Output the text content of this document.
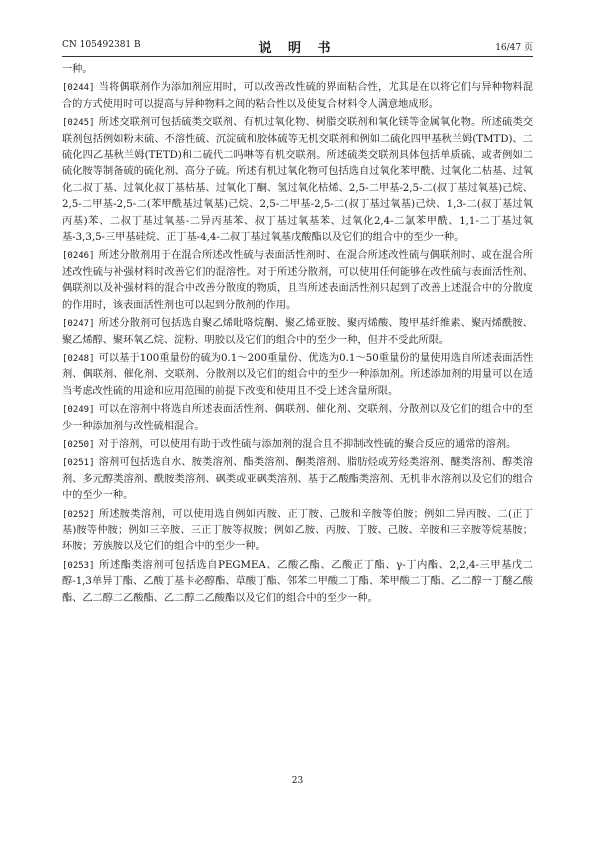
CN 105492381 B	说 明 书	16/47 页

一种。

[0244] 当将偶联剂作为添加剂应用时，可以改善改性硫的界面粘合性，尤其是在以将它们与异种物料混合的方式使用时可以提高与异种物料之间的粘合性以及使复合材料令人满意地成形。

[0245] 所述交联剂可包括硫类交联剂、有机过氧化物、树脂交联剂和氧化镁等金属氧化物。所述硫类交联剂包括例如粉末硫、不溶性硫、沉淀硫和胶体硫等无机交联剂和例如二硫化四甲基秋兰姆(TMTD)、二硫化四乙基秋兰姆(TETD)和二硫代二吗啉等有机交联剂。所述硫类交联剂具体包括单质硫、或者例如二硫化胺等制备硫的硫化剂、高分子硫。所述有机过氧化物可包括选自过氧化苯甲酰、过氧化二枯基、过氧化二叔丁基、过氧化叔丁基枯基、过氧化丁酮、氢过氧化枯烯、2,5-二甲基-2,5-二(叔丁基过氧基)己烷、2,5-二甲基-2,5-二(苯甲酰基过氧基)己烷、2,5-二甲基-2,5-二(叔丁基过氧基)己炔、1,3-二(叔丁基过氧丙基)苯、二叔丁基过氧基-二异丙基苯、叔丁基过氧基苯、过氧化2,4-二氯苯甲酰、1,1-二丁基过氧基-3,3,5-三甲基硅烷、正丁基-4,4-二叔丁基过氧基戊酸酯以及它们的组合中的至少一种。

[0246] 所述分散剂用于在混合所述改性硫与表面活性剂时、在混合所述改性硫与偶联剂时、或在混合所述改性硫与补强材料时改善它们的混溶性。对于所述分散剂，可以使用任何能够在改性硫与表面活性剂、偶联剂以及补强材料的混合中改善分散度的物质，且当所述表面活性剂只起到了改善上述混合中的分散度的作用时，该表面活性剂也可以起到分散剂的作用。

[0247] 所述分散剂可包括选自聚乙烯吡咯烷酮、聚乙烯亚胺、聚丙烯酸、羧甲基纤维素、聚丙烯酰胺、聚乙烯醇、聚环氧乙烷、淀粉、明胶以及它们的组合中的至少一种，但并不受此所限。

[0248] 可以基于100重量份的硫为0.1～200重量份、优选为0.1～50重量份的量使用选自所述表面活性剂、偶联剂、催化剂、交联剂、分散剂以及它们的组合中的至少一种添加剂。所述添加剂的用量可以在适当考虑改性硫的用途和应用范围的前提下改变和使用且不受上述含量所限。

[0249] 可以在溶剂中将选自所述表面活性剂、偶联剂、催化剂、交联剂、分散剂以及它们的组合中的至少一种添加剂与改性硫相混合。

[0250] 对于溶剂，可以使用有助于改性硫与添加剂的混合且不抑制改性硫的聚合反应的通常的溶剂。

[0251] 溶剂可包括选自水、胺类溶剂、酯类溶剂、酮类溶剂、脂肪烃或芳烃类溶剂、醚类溶剂、醇类溶剂、多元醇类溶剂、酰胺类溶剂、砜类或亚砜类溶剂、基于乙酸酯类溶剂、无机非水溶剂以及它们的组合中的至少一种。

[0252] 所述胺类溶剂，可以使用选自例如丙胺、正丁胺、己胺和辛胺等伯胺；例如二异丙胺、二(正丁基)胺等仲胺；例如三辛胺、三正丁胺等叔胺；例如乙胺、丙胺、丁胺、己胺、辛胺和三辛胺等烷基胺；环胺；芳族胺以及它们的组合中的至少一种。

[0253] 所述酯类溶剂可包括选自PEGMEA、乙酸乙酯、乙酸正丁酯、γ-丁内酯、2,2,4-三甲基戊二醇-1,3单异丁酯、乙酸丁基卡必醇酯、草酸丁酯、邻苯二甲酸二丁酯、苯甲酸二丁酯、乙二醇一丁醚乙酸酯、乙二醇二乙酸酯、乙二醇二乙酸酯以及它们的组合中的至少一种。

23
